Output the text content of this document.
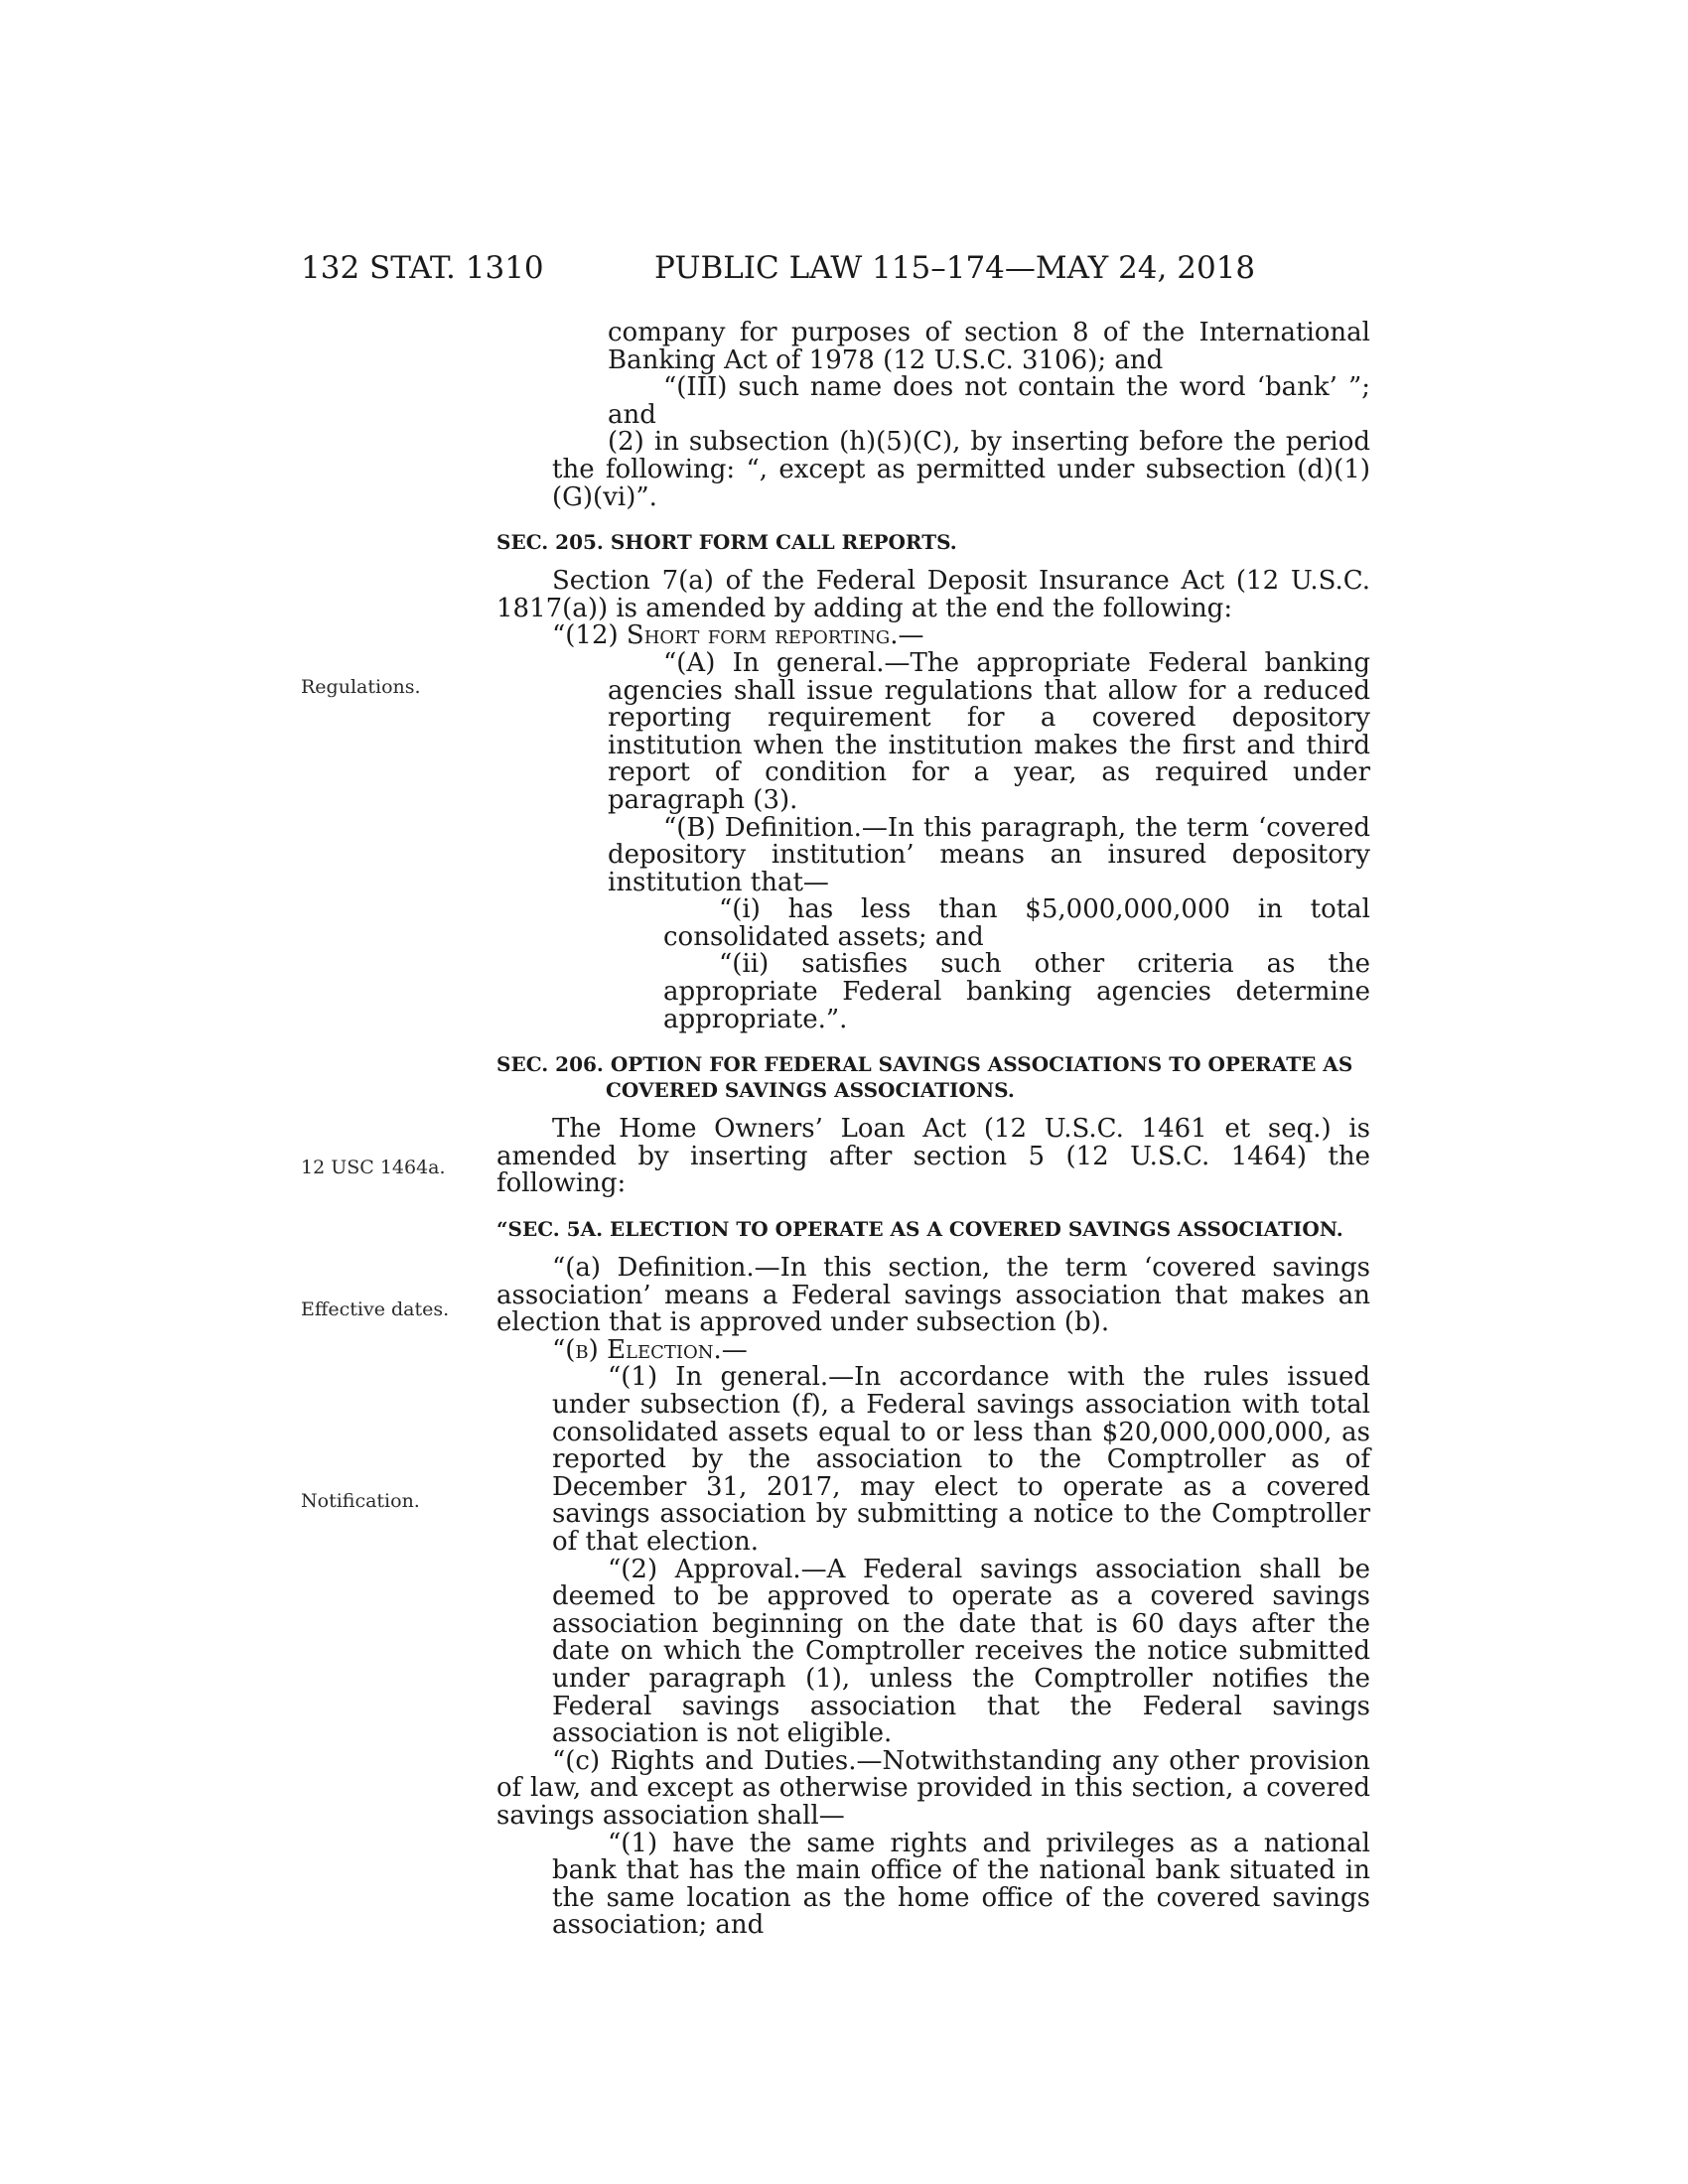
132 STAT. 1310	PUBLIC LAW 115–174—MAY 24, 2018
Regulations.
12 USC 1464a.
Effective dates.
Notification.

company for purposes of section 8 of the International Banking Act of 1978 (12 U.S.C. 3106); and

“(III) such name does not contain the word ‘bank’ ”; and

(2) in subsection (h)(5)(C), by inserting before the period the following: “, except as permitted under subsection (d)(1)(G)(vi)”.

SEC. 205. SHORT FORM CALL REPORTS.

Section 7(a) of the Federal Deposit Insurance Act (12 U.S.C. 1817(a)) is amended by adding at the end the following:

“(12) Short form reporting.—

“(A) In general.—The appropriate Federal banking agencies shall issue regulations that allow for a reduced reporting requirement for a covered depository institution when the institution makes the first and third report of condition for a year, as required under paragraph (3).

“(B) Definition.—In this paragraph, the term ‘covered depository institution’ means an insured depository institution that—

“(i) has less than $5,000,000,000 in total consolidated assets; and

“(ii) satisfies such other criteria as the appropriate Federal banking agencies determine appropriate.”.

SEC. 206. OPTION FOR FEDERAL SAVINGS ASSOCIATIONS TO OPERATE AS COVERED SAVINGS ASSOCIATIONS.

The Home Owners’ Loan Act (12 U.S.C. 1461 et seq.) is amended by inserting after section 5 (12 U.S.C. 1464) the following:

“SEC. 5A. ELECTION TO OPERATE AS A COVERED SAVINGS ASSOCIATION.

“(a) Definition.—In this section, the term ‘covered savings association’ means a Federal savings association that makes an election that is approved under subsection (b).

“(b) Election.—

“(1) In general.—In accordance with the rules issued under subsection (f), a Federal savings association with total consolidated assets equal to or less than $20,000,000,000, as reported by the association to the Comptroller as of December 31, 2017, may elect to operate as a covered savings association by submitting a notice to the Comptroller of that election.

“(2) Approval.—A Federal savings association shall be deemed to be approved to operate as a covered savings association beginning on the date that is 60 days after the date on which the Comptroller receives the notice submitted under paragraph (1), unless the Comptroller notifies the Federal savings association that the Federal savings association is not eligible.

“(c) Rights and Duties.—Notwithstanding any other provision of law, and except as otherwise provided in this section, a covered savings association shall—

“(1) have the same rights and privileges as a national bank that has the main office of the national bank situated in the same location as the home office of the covered savings association; and
